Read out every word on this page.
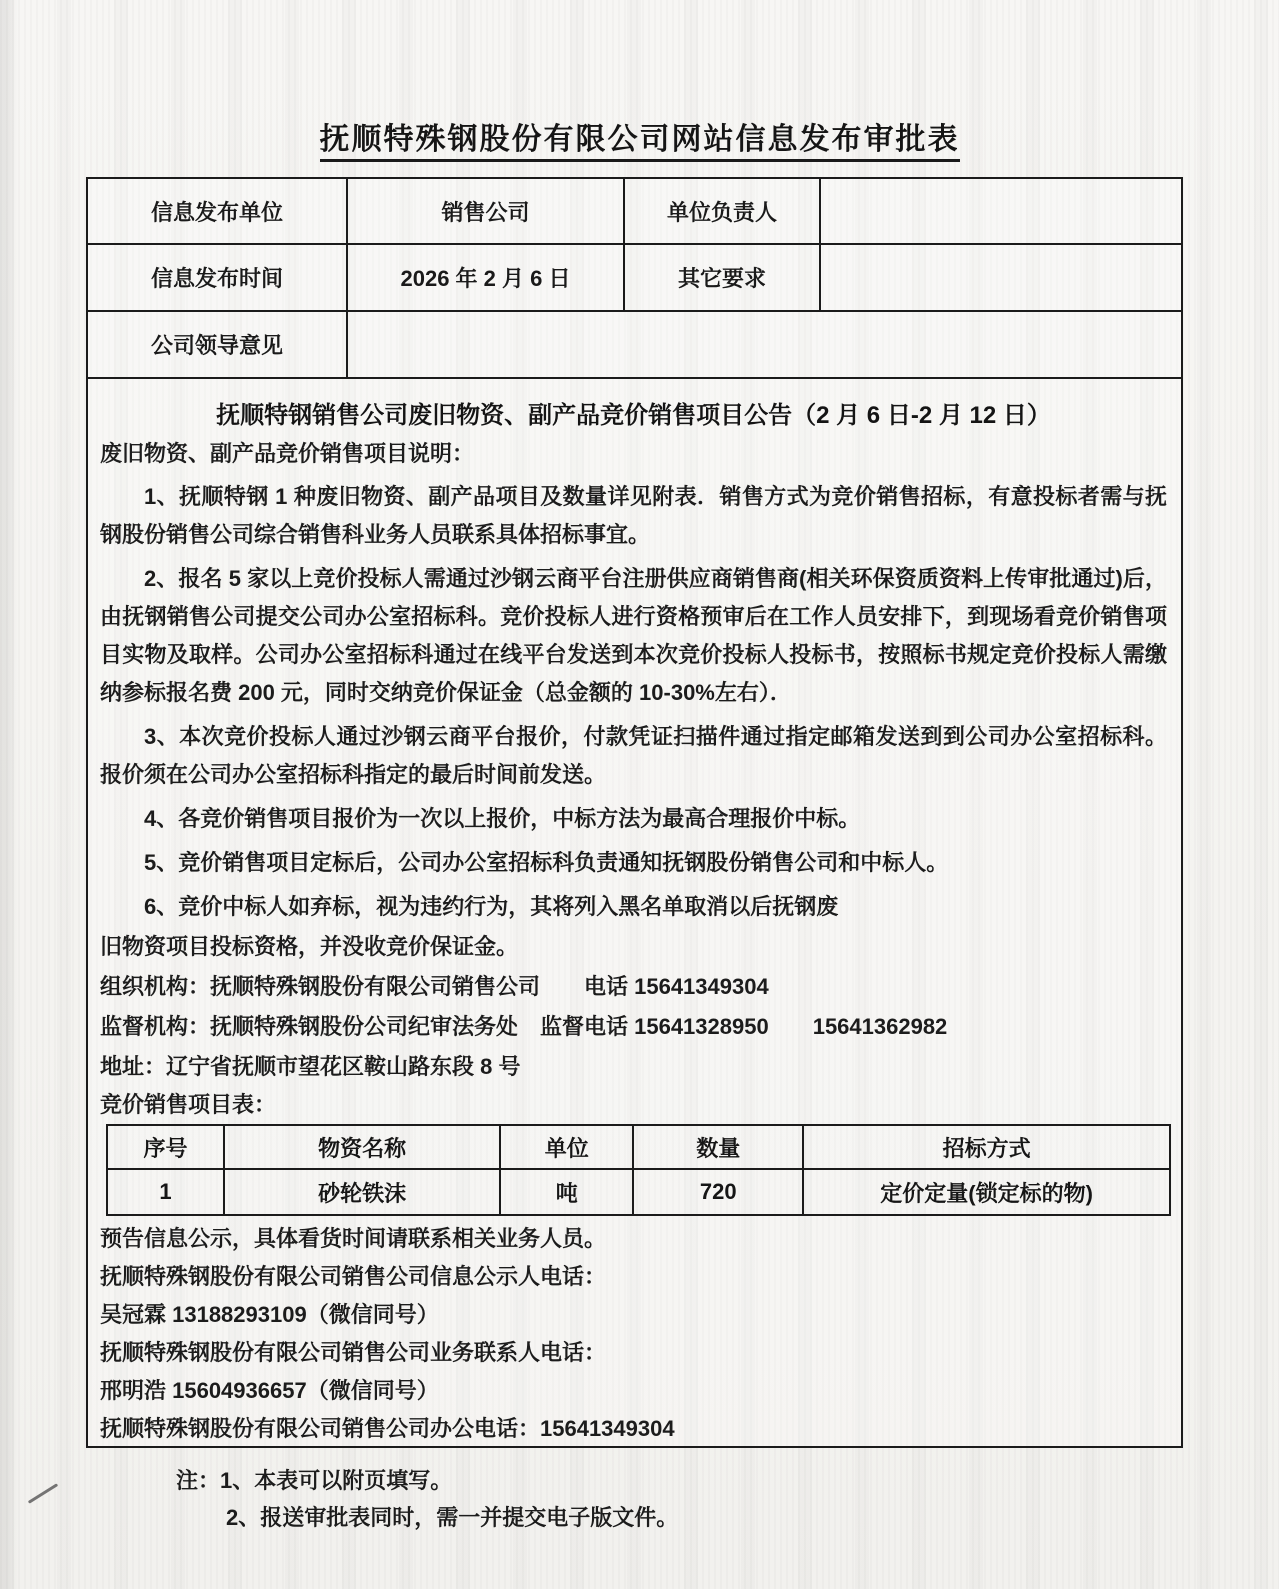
抚顺特殊钢股份有限公司网站信息发布审批表
信息发布单位	销售公司	单位负责人
信息发布时间	2026 年 2 月 6 日	其它要求
公司领导意见
抚顺特钢销售公司废旧物资、副产品竞价销售项目公告（2 月 6 日-2 月 12 日）
废旧物资、副产品竞价销售项目说明：
1、抚顺特钢 1 种废旧物资、副产品项目及数量详见附表．销售方式为竞价销售招标，有意投标者需与抚钢股份销售公司综合销售科业务人员联系具体招标事宜。
2、报名 5 家以上竞价投标人需通过沙钢云商平台注册供应商销售商(相关环保资质资料上传审批通过)后，由抚钢销售公司提交公司办公室招标科。竞价投标人进行资格预审后在工作人员安排下，到现场看竞价销售项目实物及取样。公司办公室招标科通过在线平台发送到本次竞价投标人投标书，按照标书规定竞价投标人需缴纳参标报名费 200 元，同时交纳竞价保证金（总金额的 10-30%左右）．
3、本次竞价投标人通过沙钢云商平台报价，付款凭证扫描件通过指定邮箱发送到到公司办公室招标科。报价须在公司办公室招标科指定的最后时间前发送。
4、各竞价销售项目报价为一次以上报价，中标方法为最高合理报价中标。
5、竞价销售项目定标后，公司办公室招标科负责通知抚钢股份销售公司和中标人。
6、竞价中标人如弃标，视为违约行为，其将列入黑名单取消以后抚钢废
旧物资项目投标资格，并没收竞价保证金。
组织机构：抚顺特殊钢股份有限公司销售公司　　电话 15641349304
监督机构：抚顺特殊钢股份公司纪审法务处　监督电话 15641328950　　15641362982
地址：辽宁省抚顺市望花区鞍山路东段 8 号
竞价销售项目表：
序号	物资名称	单位	数量	招标方式
1	砂轮铁沫	吨	720	定价定量(锁定标的物)
预告信息公示，具体看货时间请联系相关业务人员。
抚顺特殊钢股份有限公司销售公司信息公示人电话：
吴冠霖 13188293109（微信同号）
抚顺特殊钢股份有限公司销售公司业务联系人电话：
邢明浩 15604936657（微信同号）
抚顺特殊钢股份有限公司销售公司办公电话：15641349304
注：1、本表可以附页填写。
2、报送审批表同时，需一并提交电子版文件。
